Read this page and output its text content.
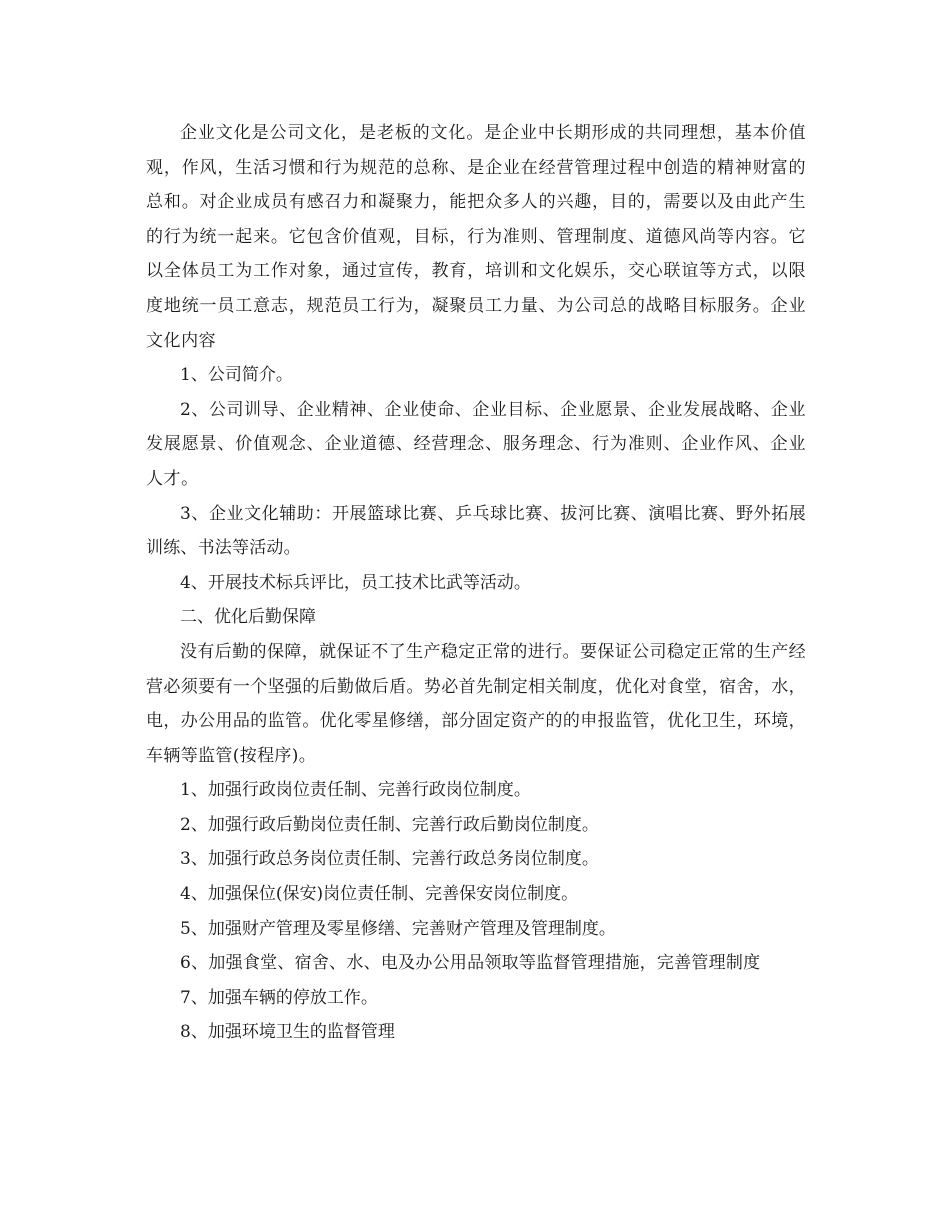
企业文化是公司文化，是老板的文化。是企业中长期形成的共同理想，基本价值观，作风，生活习惯和行为规范的总称、是企业在经营管理过程中创造的精神财富的总和。对企业成员有感召力和凝聚力，能把众多人的兴趣，目的，需要以及由此产生的行为统一起来。它包含价值观，目标，行为准则、管理制度、道德风尚等内容。它以全体员工为工作对象，通过宣传，教育，培训和文化娱乐，交心联谊等方式，以限度地统一员工意志，规范员工行为，凝聚员工力量、为公司总的战略目标服务。企业文化内容

1、公司简介。

2、公司训导、企业精神、企业使命、企业目标、企业愿景、企业发展战略、企业发展愿景、价值观念、企业道德、经营理念、服务理念、行为准则、企业作风、企业人才。

3、企业文化辅助：开展篮球比赛、乒乓球比赛、拔河比赛、演唱比赛、野外拓展训练、书法等活动。

4、开展技术标兵评比，员工技术比武等活动。

二、优化后勤保障

没有后勤的保障，就保证不了生产稳定正常的进行。要保证公司稳定正常的生产经营必须要有一个坚强的后勤做后盾。势必首先制定相关制度，优化对食堂，宿舍，水，电，办公用品的监管。优化零星修缮，部分固定资产的的申报监管，优化卫生，环境，车辆等监管(按程序)。

1、加强行政岗位责任制、完善行政岗位制度。

2、加强行政后勤岗位责任制、完善行政后勤岗位制度。

3、加强行政总务岗位责任制、完善行政总务岗位制度。

4、加强保位(保安)岗位责任制、完善保安岗位制度。

5、加强财产管理及零星修缮、完善财产管理及管理制度。

6、加强食堂、宿舍、水、电及办公用品领取等监督管理措施，完善管理制度

7、加强车辆的停放工作。

8、加强环境卫生的监督管理
